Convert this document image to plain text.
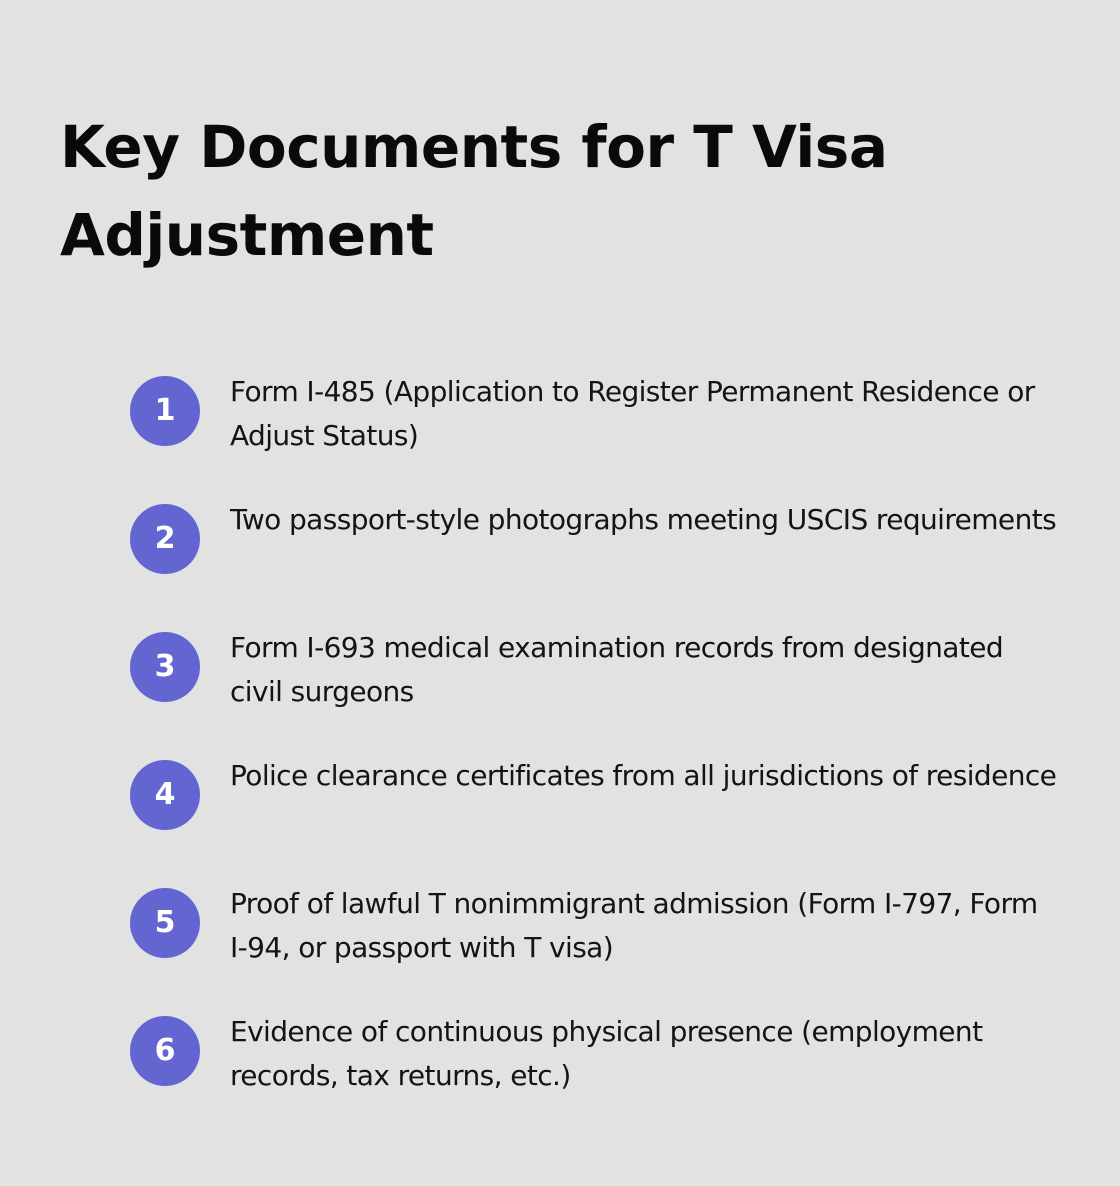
Key Documents for T Visa Adjustment
1
Form I-485 (Application to Register Permanent Residence or Adjust Status)
2
Two passport-style photographs meeting USCIS requirements
3
Form I-693 medical examination records from designated civil surgeons
4
Police clearance certificates from all jurisdictions of residence
5
Proof of lawful T nonimmigrant admission (Form I-797, Form I-94, or passport with T visa)
6
Evidence of continuous physical presence (employment records, tax returns, etc.)
